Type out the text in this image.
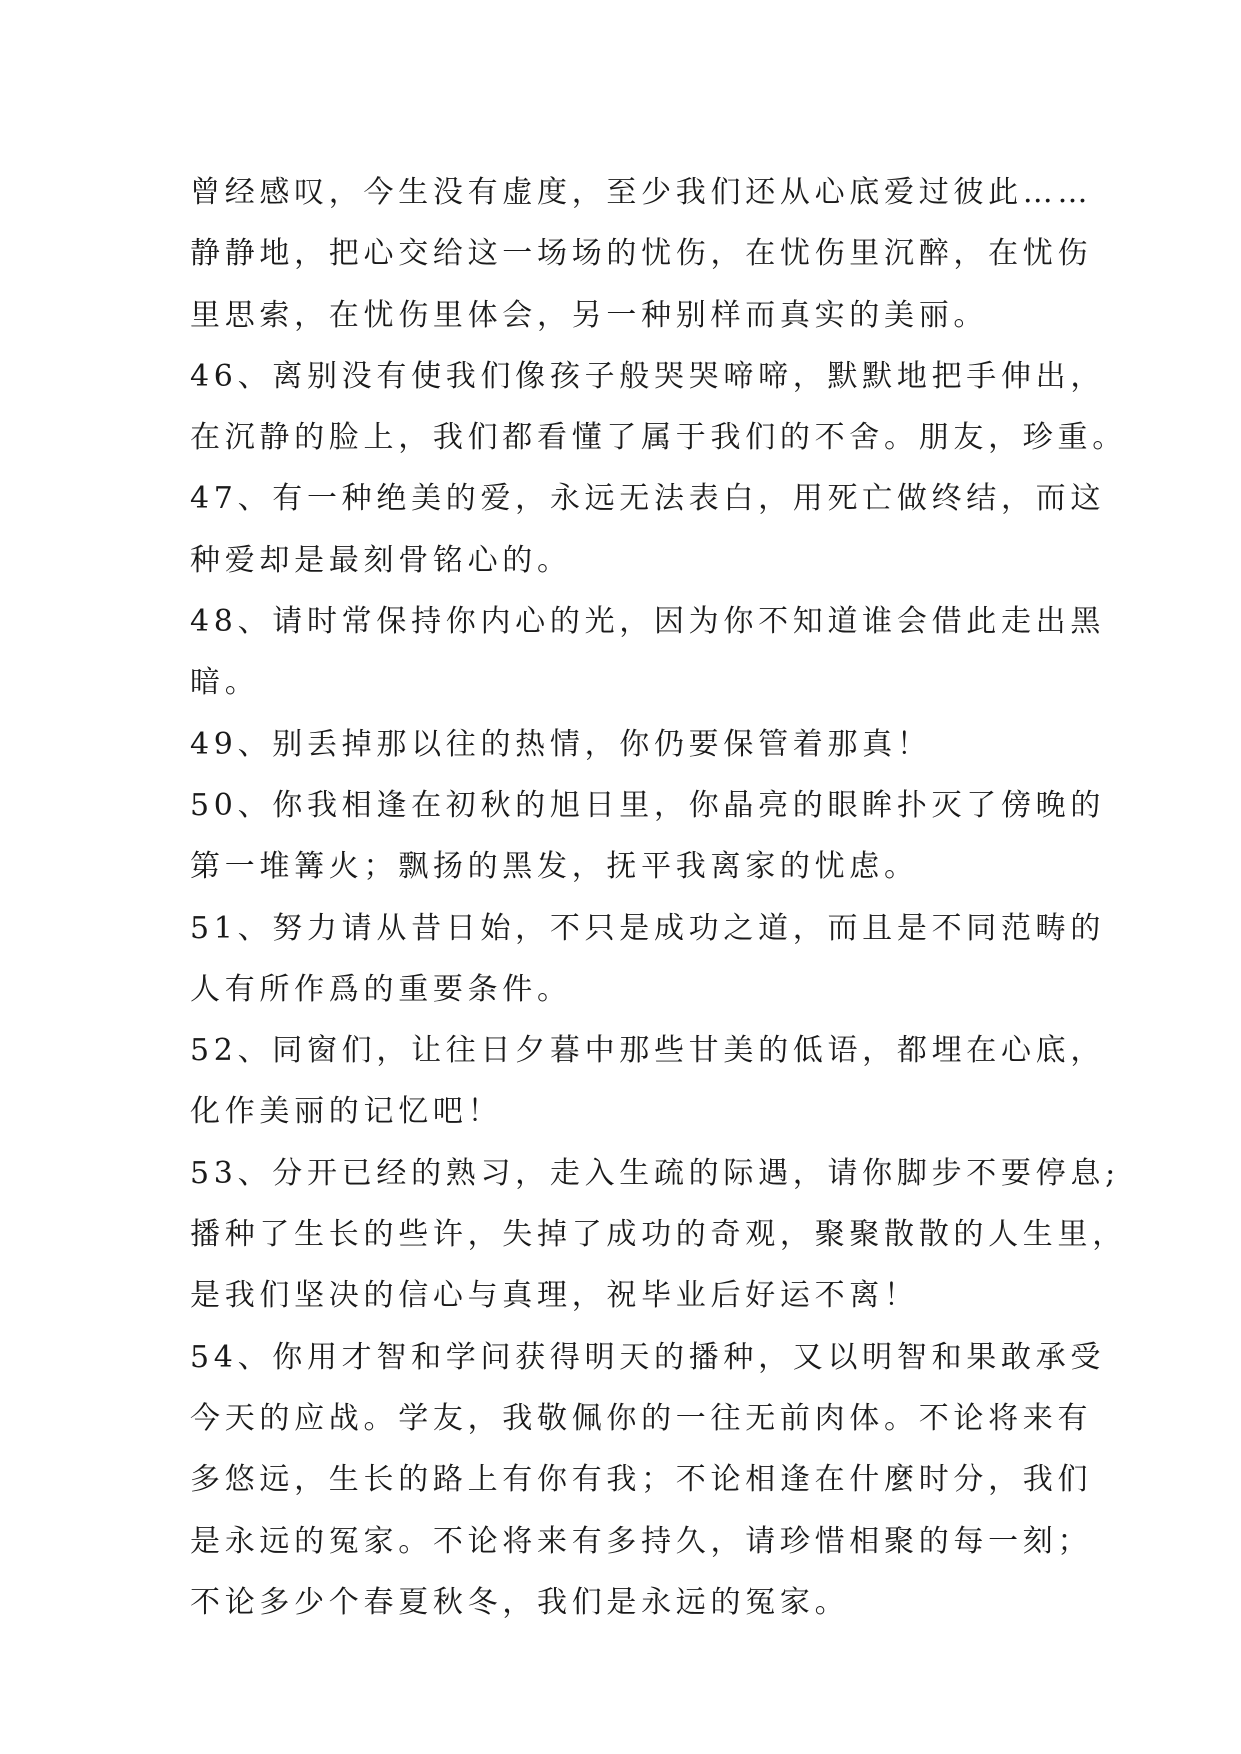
曾经感叹，今生没有虚度，至少我们还从心底爱过彼此……
静静地，把心交给这一场场的忧伤，在忧伤里沉醉，在忧伤
里思索，在忧伤里体会，另一种别样而真实的美丽。
46、离别没有使我们像孩子般哭哭啼啼，默默地把手伸出，
在沉静的脸上，我们都看懂了属于我们的不舍。朋友，珍重。
47、有一种绝美的爱，永远无法表白，用死亡做终结，而这
种爱却是最刻骨铭心的。
48、请时常保持你内心的光，因为你不知道谁会借此走出黑
暗。
49、别丢掉那以往的热情，你仍要保管着那真！
50、你我相逢在初秋的旭日里，你晶亮的眼眸扑灭了傍晚的
第一堆篝火；飘扬的黑发，抚平我离家的忧虑。
51、努力请从昔日始，不只是成功之道，而且是不同范畴的
人有所作爲的重要条件。
52、同窗们，让往日夕暮中那些甘美的低语，都埋在心底，
化作美丽的记忆吧！
53、分开已经的熟习，走入生疏的际遇，请你脚步不要停息;
播种了生长的些许，失掉了成功的奇观，聚聚散散的人生里，
是我们坚决的信心与真理，祝毕业后好运不离！
54、你用才智和学问获得明天的播种，又以明智和果敢承受
今天的应战。学友，我敬佩你的一往无前肉体。不论将来有
多悠远，生长的路上有你有我；不论相逢在什麼时分，我们
是永远的冤家。不论将来有多持久，请珍惜相聚的每一刻；
不论多少个春夏秋冬，我们是永远的冤家。
